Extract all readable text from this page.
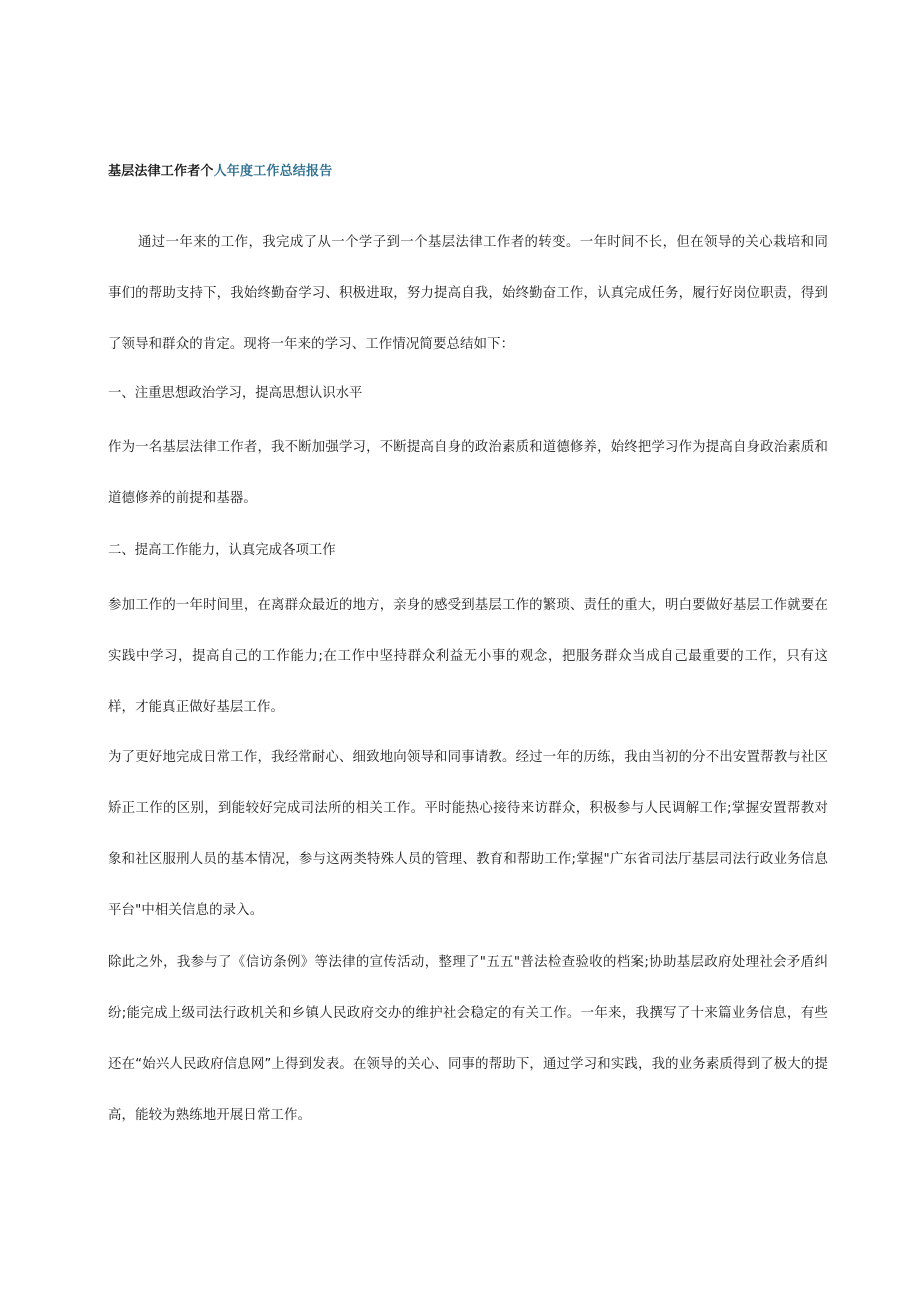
基层法律工作者个人年度工作总结报告
通过一年来的工作，我完成了从一个学子到一个基层法律工作者的转变。一年时间不长，但在领导的关心栽培和同事们的帮助支持下，我始终勤奋学习、积极进取，努力提高自我，始终勤奋工作，认真完成任务，履行好岗位职责，得到了领导和群众的肯定。现将一年来的学习、工作情况简要总结如下：
一、注重思想政治学习，提高思想认识水平
作为一名基层法律工作者，我不断加强学习，不断提高自身的政治素质和道德修养，始终把学习作为提高自身政治素质和道德修养的前提和基器。
二、提高工作能力，认真完成各项工作
参加工作的一年时间里，在离群众最近的地方，亲身的感受到基层工作的繁琐、责任的重大，明白要做好基层工作就要在实践中学习，提高自己的工作能力;在工作中坚持群众利益无小事的观念，把服务群众当成自己最重要的工作，只有这样，才能真正做好基层工作。
为了更好地完成日常工作，我经常耐心、细致地向领导和同事请教。经过一年的历练，我由当初的分不出安置帮教与社区矫正工作的区别，到能较好完成司法所的相关工作。平时能热心接待来访群众，积极参与人民调解工作;掌握安置帮教对象和社区服刑人员的基本情况，参与这两类特殊人员的管理、教育和帮助工作;掌握"广东省司法厅基层司法行政业务信息平台"中相关信息的录入。
除此之外，我参与了《信访条例》等法律的宣传活动，整理了"五五"普法检查验收的档案;协助基层政府处理社会矛盾纠纷;能完成上级司法行政机关和乡镇人民政府交办的维护社会稳定的有关工作。一年来，我撰写了十来篇业务信息，有些还在“始兴人民政府信息网”上得到发表。在领导的关心、同事的帮助下，通过学习和实践，我的业务素质得到了极大的提高，能较为熟练地开展日常工作。
